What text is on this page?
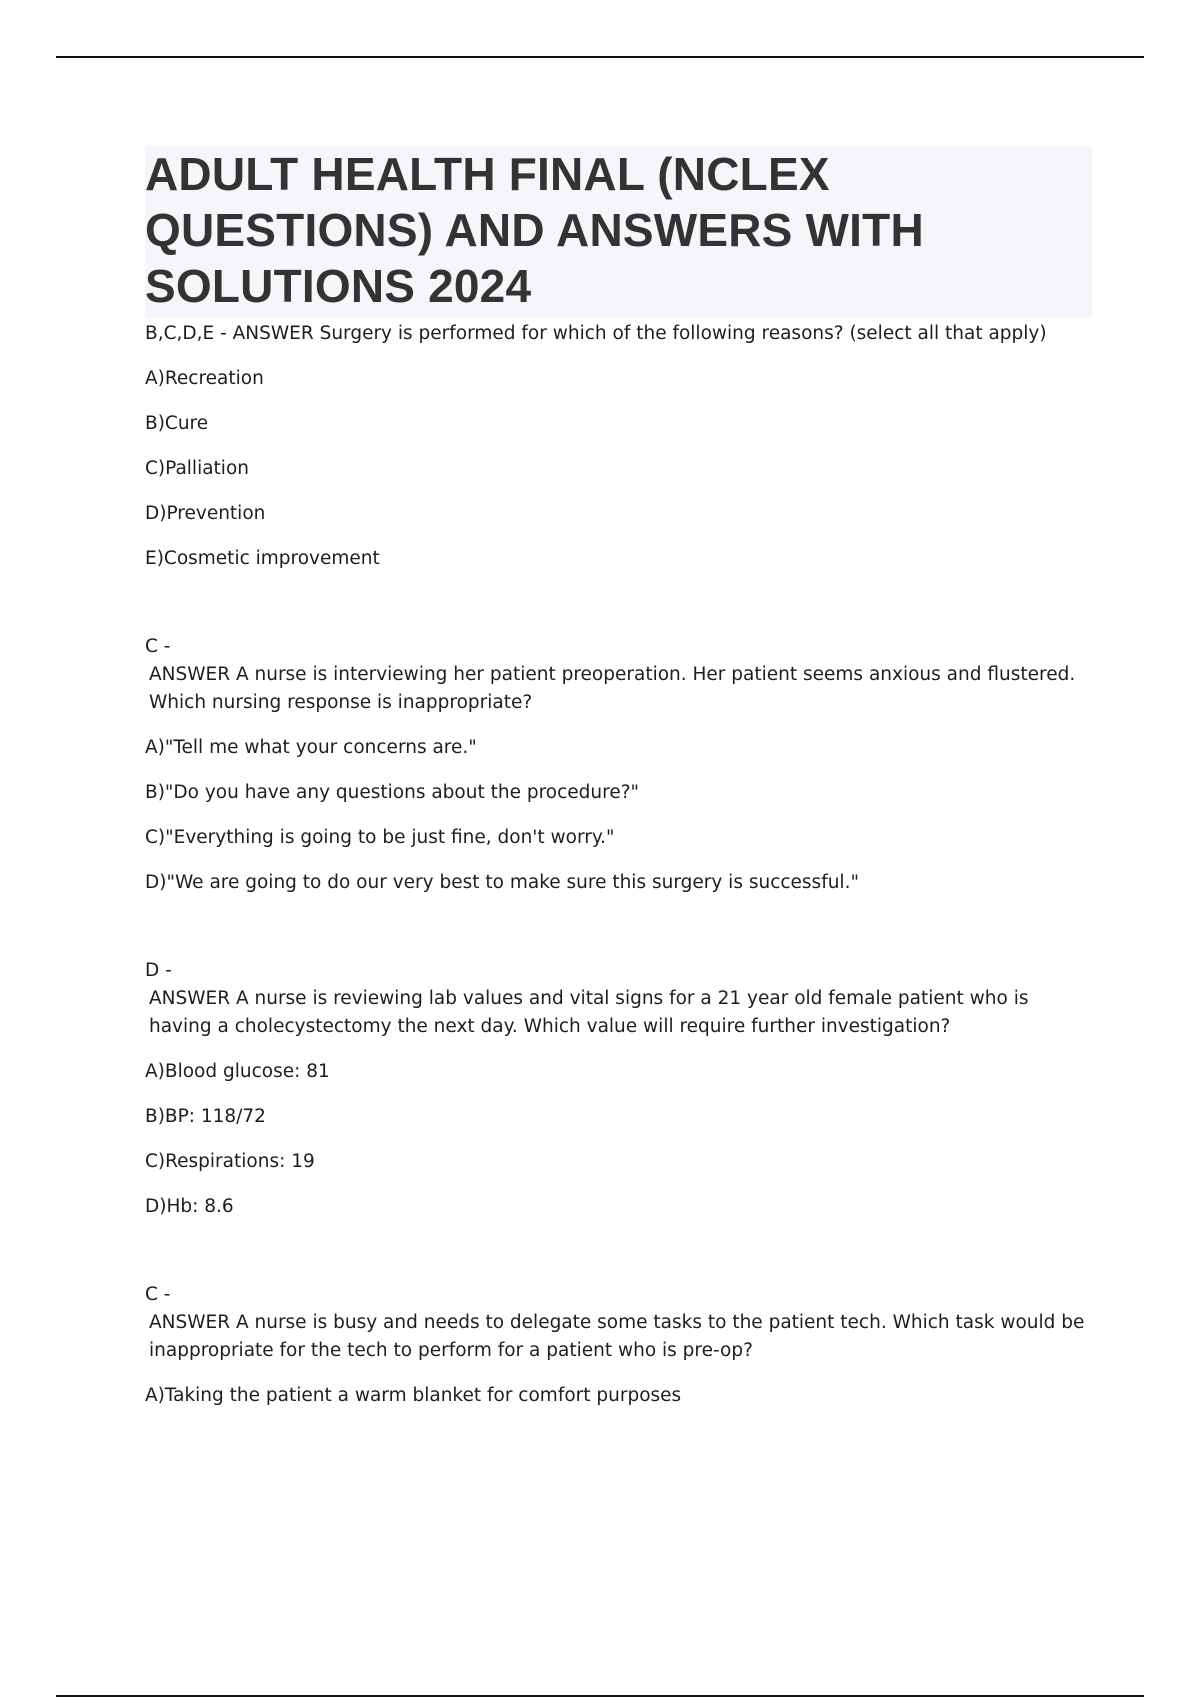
ADULT HEALTH FINAL (NCLEX QUESTIONS) AND ANSWERS WITH SOLUTIONS 2024

B,C,D,E - ANSWER Surgery is performed for which of the following reasons? (select all that apply)

A)Recreation
B)Cure
C)Palliation
D)Prevention
E)Cosmetic improvement

C -

ANSWER A nurse is interviewing her patient preoperation. Her patient seems anxious and flustered. Which nursing response is inappropriate?

A)"Tell me what your concerns are."
B)"Do you have any questions about the procedure?"
C)"Everything is going to be just fine, don't worry."
D)"We are going to do our very best to make sure this surgery is successful."

D -

ANSWER A nurse is reviewing lab values and vital signs for a 21 year old female patient who is having a cholecystectomy the next day. Which value will require further investigation?

A)Blood glucose: 81
B)BP: 118/72
C)Respirations: 19
D)Hb: 8.6

C -

ANSWER A nurse is busy and needs to delegate some tasks to the patient tech. Which task would be inappropriate for the tech to perform for a patient who is pre-op?

A)Taking the patient a warm blanket for comfort purposes
